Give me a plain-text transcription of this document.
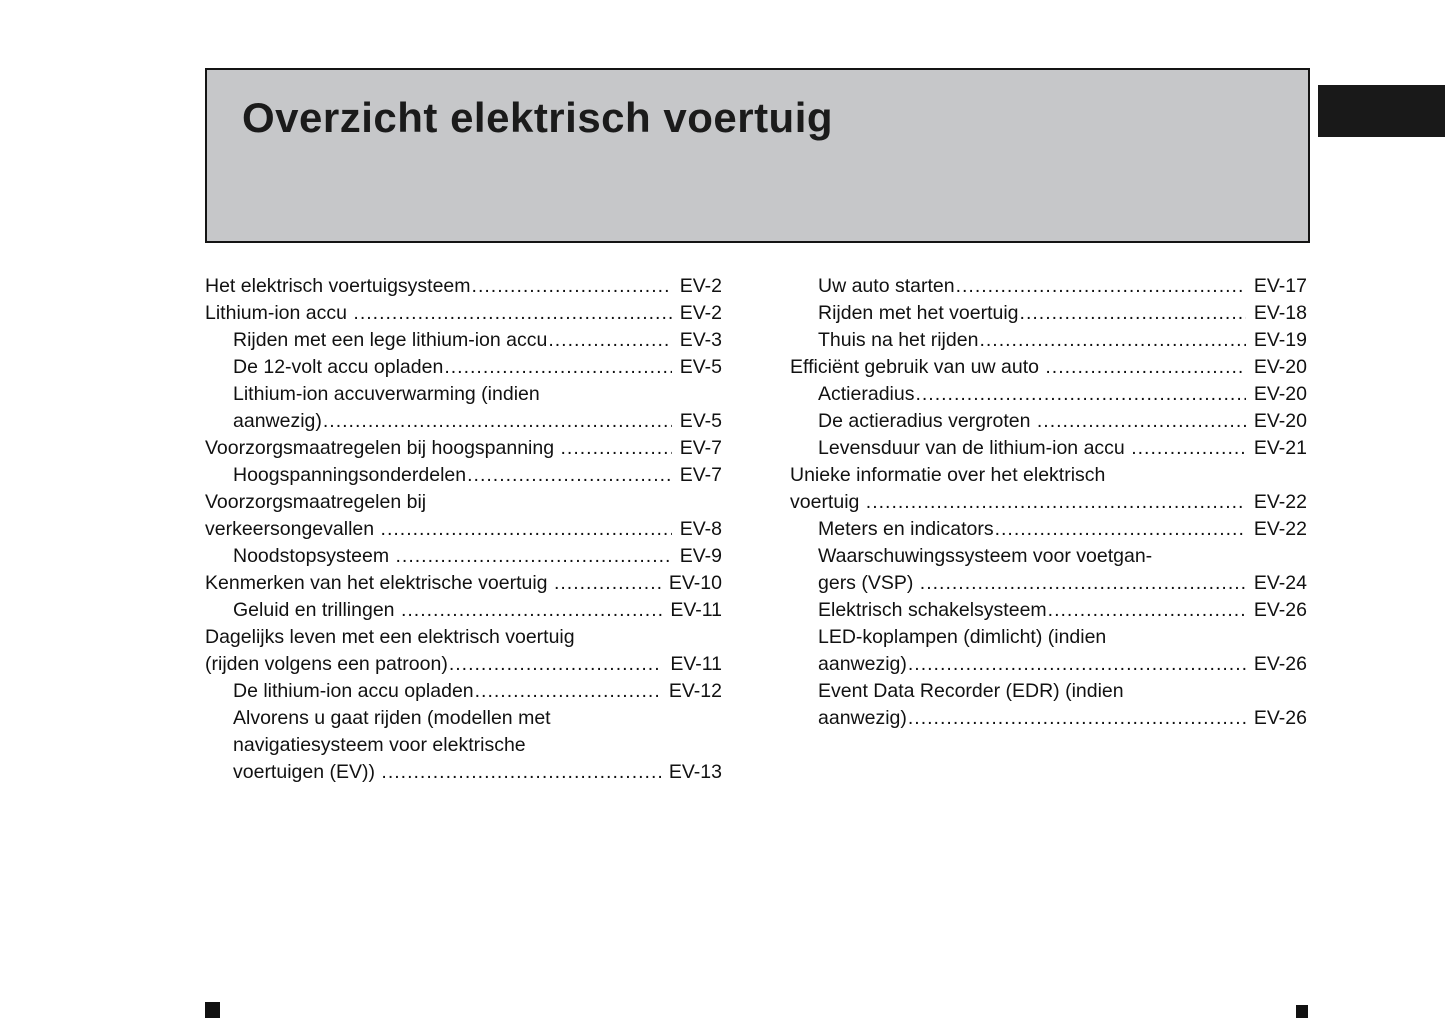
Overzicht elektrisch voertuig
Het elektrisch voertuigsysteem .....	EV-2
Lithium-ion accu .....	EV-2
Rijden met een lege lithium-ion accu .....	EV-3
De 12-volt accu opladen .....	EV-5
Lithium-ion accuverwarming (indien
aanwezig) .....	EV-5
Voorzorgsmaatregelen bij hoogspanning .....	EV-7
Hoogspanningsonderdelen .....	EV-7
Voorzorgsmaatregelen bij
verkeersongevallen .....	EV-8
Noodstopsysteem .....	EV-9
Kenmerken van het elektrische voertuig .....	EV-10
Geluid en trillingen .....	EV-11
Dagelijks leven met een elektrisch voertuig
(rijden volgens een patroon) .....	EV-11
De lithium-ion accu opladen .....	EV-12
Alvorens u gaat rijden (modellen met
navigatiesysteem voor elektrische
voertuigen (EV)) .....	EV-13
Uw auto starten .....	EV-17
Rijden met het voertuig .....	EV-18
Thuis na het rijden .....	EV-19
Efficiënt gebruik van uw auto .....	EV-20
Actieradius .....	EV-20
De actieradius vergroten .....	EV-20
Levensduur van de lithium-ion accu .....	EV-21
Unieke informatie over het elektrisch
voertuig .....	EV-22
Meters en indicators .....	EV-22
Waarschuwingssysteem voor voetgan-
gers (VSP) .....	EV-24
Elektrisch schakelsysteem .....	EV-26
LED-koplampen (dimlicht) (indien
aanwezig) .....	EV-26
Event Data Recorder (EDR) (indien
aanwezig) .....	EV-26
